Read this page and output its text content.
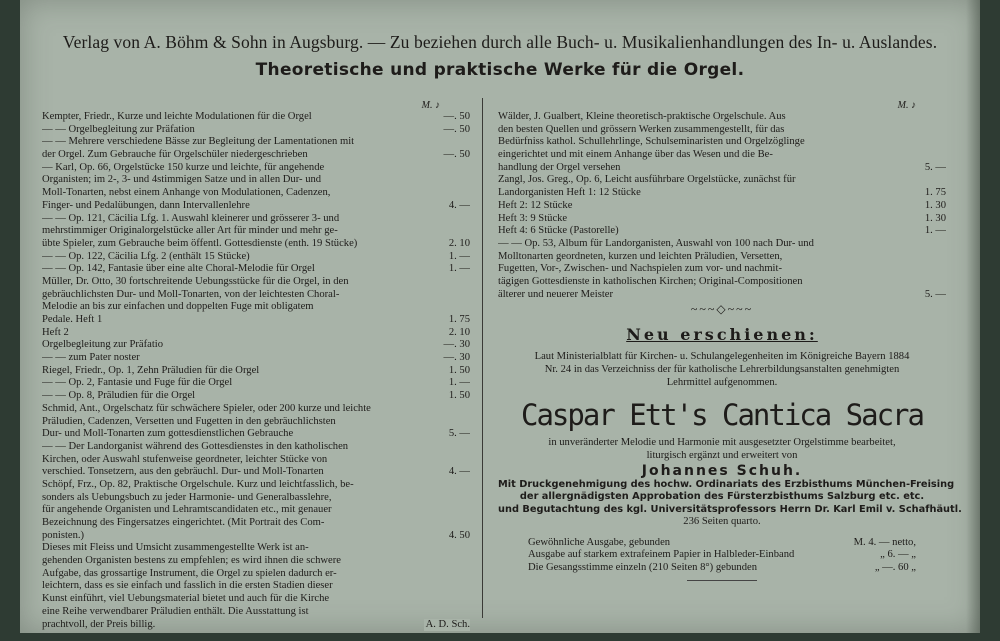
Verlag von A. Böhm & Sohn in Augsburg. — Zu beziehen durch alle Buch- u. Musikalienhandlungen des In- u. Auslandes.
Theoretische und praktische Werke für die Orgel.
M. ♪
Kempter, Friedr., Kurze und leichte Modulationen für die Orgel	—. 50
— — Orgelbegleitung zur Präfation	—. 50
— — Mehrere verschiedene Bässe zur Begleitung der Lamentationen mit
der Orgel. Zum Gebrauche für Orgelschüler niedergeschrieben	—. 50
— Karl, Op. 66, Orgelstücke 150 kurze und leichte, für angehende
Organisten; im 2-, 3- und 4stimmigen Satze und in allen Dur- und
Moll-Tonarten, nebst einem Anhange von Modulationen, Cadenzen,
Finger- und Pedalübungen, dann Intervallenlehre	4. —
— — Op. 121, Cäcilia Lfg. 1. Auswahl kleinerer und grösserer 3- und
mehrstimmiger Originalorgelstücke aller Art für minder und mehr ge-
übte Spieler, zum Gebrauche beim öffentl. Gottesdienste (enth. 19 Stücke)	2. 10
— — Op. 122, Cäcilia Lfg. 2 (enthält 15 Stücke)	1. —
— — Op. 142, Fantasie über eine alte Choral-Melodie für Orgel	1. —
Müller, Dr. Otto, 30 fortschreitende Uebungsstücke für die Orgel, in den
gebräuchlichsten Dur- und Moll-Tonarten, von der leichtesten Choral-
Melodie an bis zur einfachen und doppelten Fuge mit obligatem
Pedale. Heft 1	1. 75
Heft 2	2. 10
Orgelbegleitung zur Präfatio	—. 30
— — zum Pater noster	—. 30
Riegel, Friedr., Op. 1, Zehn Präludien für die Orgel	1. 50
— — Op. 2, Fantasie und Fuge für die Orgel	1. —
— — Op. 8, Präludien für die Orgel	1. 50
Schmid, Ant., Orgelschatz für schwächere Spieler, oder 200 kurze und leichte
Präludien, Cadenzen, Versetten und Fugetten in den gebräuchlichsten
Dur- und Moll-Tonarten zum gottesdienstlichen Gebrauche	5. —
— — Der Landorganist während des Gottesdienstes in den katholischen
Kirchen, oder Auswahl stufenweise geordneter, leichter Stücke von
verschied. Tonsetzern, aus den gebräuchl. Dur- und Moll-Tonarten	4. —
Schöpf, Frz., Op. 82, Praktische Orgelschule. Kurz und leichtfasslich, be-
sonders als Uebungsbuch zu jeder Harmonie- und Generalbasslehre,
für angehende Organisten und Lehramtscandidaten etc., mit genauer
Bezeichnung des Fingersatzes eingerichtet. (Mit Portrait des Com-
ponisten.)	4. 50
Dieses mit Fleiss und Umsicht zusammengestellte Werk ist an-
gehenden Organisten bestens zu empfehlen; es wird ihnen die schwere
Aufgabe, das grossartige Instrument, die Orgel zu spielen dadurch er-
leichtern, dass es sie einfach und fasslich in die ersten Stadien dieser
Kunst einführt, viel Uebungsmaterial bietet und auch für die Kirche
eine Reihe verwendbarer Präludien enthält. Die Ausstattung ist
prachtvoll, der Preis billig.	A. D. Sch.
M. ♪
Wälder, J. Gualbert, Kleine theoretisch-praktische Orgelschule. Aus
den besten Quellen und grössern Werken zusammengestellt, für das
Bedürfniss kathol. Schullehrlinge, Schulseminaristen und Orgelzöglinge
eingerichtet und mit einem Anhange über das Wesen und die Be-
handlung der Orgel versehen	5. —
Zangl, Jos. Greg., Op. 6, Leicht ausführbare Orgelstücke, zunächst für
Landorganisten Heft 1: 12 Stücke	1. 75
Heft 2: 12 Stücke	1. 30
Heft 3: 9 Stücke	1. 30
Heft 4: 6 Stücke (Pastorelle)	1. —
— — Op. 53, Album für Landorganisten, Auswahl von 100 nach Dur- und
Molltonarten geordneten, kurzen und leichten Präludien, Versetten,
Fugetten, Vor-, Zwischen- und Nachspielen zum vor- und nachmit-
tägigen Gottesdienste in katholischen Kirchen; Original-Compositionen
älterer und neuerer Meister	5. —
~~~◇~~~
Neu erschienen:
Laut Ministerialblatt für Kirchen- u. Schulangelegenheiten im Königreiche Bayern 1884
Nr. 24 in das Verzeichniss der für katholische Lehrerbildungsanstalten genehmigten
Lehrmittel aufgenommen.
Caspar Ett's Cantica Sacra
in unveränderter Melodie und Harmonie mit ausgesetzter Orgelstimme bearbeitet,
liturgisch ergänzt und erweitert von
Johannes Schuh.
Mit Druckgenehmigung des hochw. Ordinariats des Erzbisthums München-Freising
der allergnädigsten Approbation des Fürsterzbisthums Salzburg etc. etc.
und Begutachtung des kgl. Universitätsprofessors Herrn Dr. Karl Emil v. Schafhäutl.
236 Seiten quarto.
Gewöhnliche Ausgabe, gebunden	M. 4. — netto,
Ausgabe auf starkem extrafeinem Papier in Halbleder-Einband	„ 6. — „
Die Gesangsstimme einzeln (210 Seiten 8°) gebunden	„ —. 60 „
